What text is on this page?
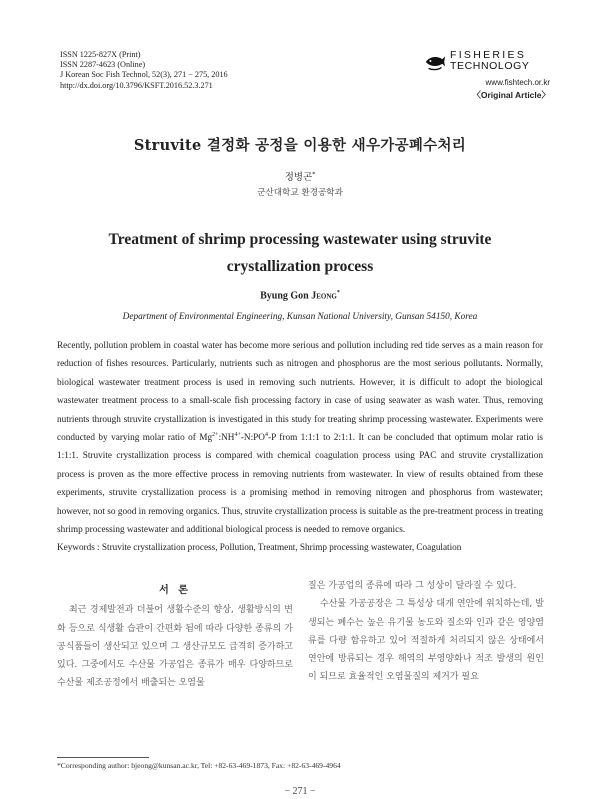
ISSN 1225-827X (Print)
ISSN 2287-4623 (Online)
J Korean Soc Fish Technol, 52(3), 271 − 275, 2016
http://dx.doi.org/10.3796/KSFT.2016.52.3.271
FISHERIES
TECHNOLOGY
www.fishtech.or.kr
〈Original Article〉
Struvite 결정화 공정을 이용한 새우가공폐수처리
정병곤*
군산대학교 환경공학과
Treatment of shrimp processing wastewater using struvite
crystallization process
Byung Gon Jeong*
Department of Environmental Engineering, Kunsan National University, Gunsan 54150, Korea
Recently, pollution problem in coastal water has become more serious and pollution including red tide serves as a main reason for reduction of fishes resources. Particularly, nutrients such as nitrogen and phosphorus are the most serious pollutants. Normally, biological wastewater treatment process is used in removing such nutrients. However, it is difficult to adopt the biological wastewater treatment process to a small-scale fish processing factory in case of using seawater as wash water. Thus, removing nutrients through struvite crystallization is investigated in this study for treating shrimp processing wastewater. Experiments were conducted by varying molar ratio of $Mg^{2+}:NH^{4+}-N:PO^4-P$ from 1:1:1 to 2:1:1. It can be concluded that optimum molar ratio is 1:1:1. Struvite crystallization process is compared with chemical coagulation process using PAC and struvite crystallization process is proven as the more effective process in removing nutrients from wastewater. In view of results obtained from these experiments, struvite crystallization process is a promising method in removing nitrogen and phosphorus from wastewater; however, not so good in removing organics. Thus, struvite crystallization process is suitable as the pre-treatment process in treating shrimp processing wastewater and additional biological process is needed to remove organics.
Keywords : Struvite crystallization process, Pollution, Treatment, Shrimp processing wastewater, Coagulation
서 론

최근 경제발전과 더불어 생활수준의 향상, 생활방식의 변화 등으로 식생활 습관이 간편화 됨에 따라 다양한 종류의 가공식품들이 생산되고 있으며 그 생산규모도 급격히 증가하고 있다. 그중에서도 수산물 가공업은 종류가 매우 다양하므로 수산물 제조공정에서 배출되는 오염물

질은 가공업의 종류에 따라 그 성상이 달라질 수 있다.

수산물 가공공장은 그 특성상 대개 연안에 위치하는데, 발생되는 폐수는 높은 유기물 농도와 질소와 인과 같은 영양염류를 다량 함유하고 있어 적절하게 처리되지 않은 상태에서 연안에 방류되는 경우 해역의 부영양화나 적조 발생의 원인이 되므로 효율적인 오염물질의 제거가 필요

*Corresponding author: bjeong@kunsan.ac.kr, Tel: +82-63-469-1873, Fax: +82-63-469-4964
− 271 −
